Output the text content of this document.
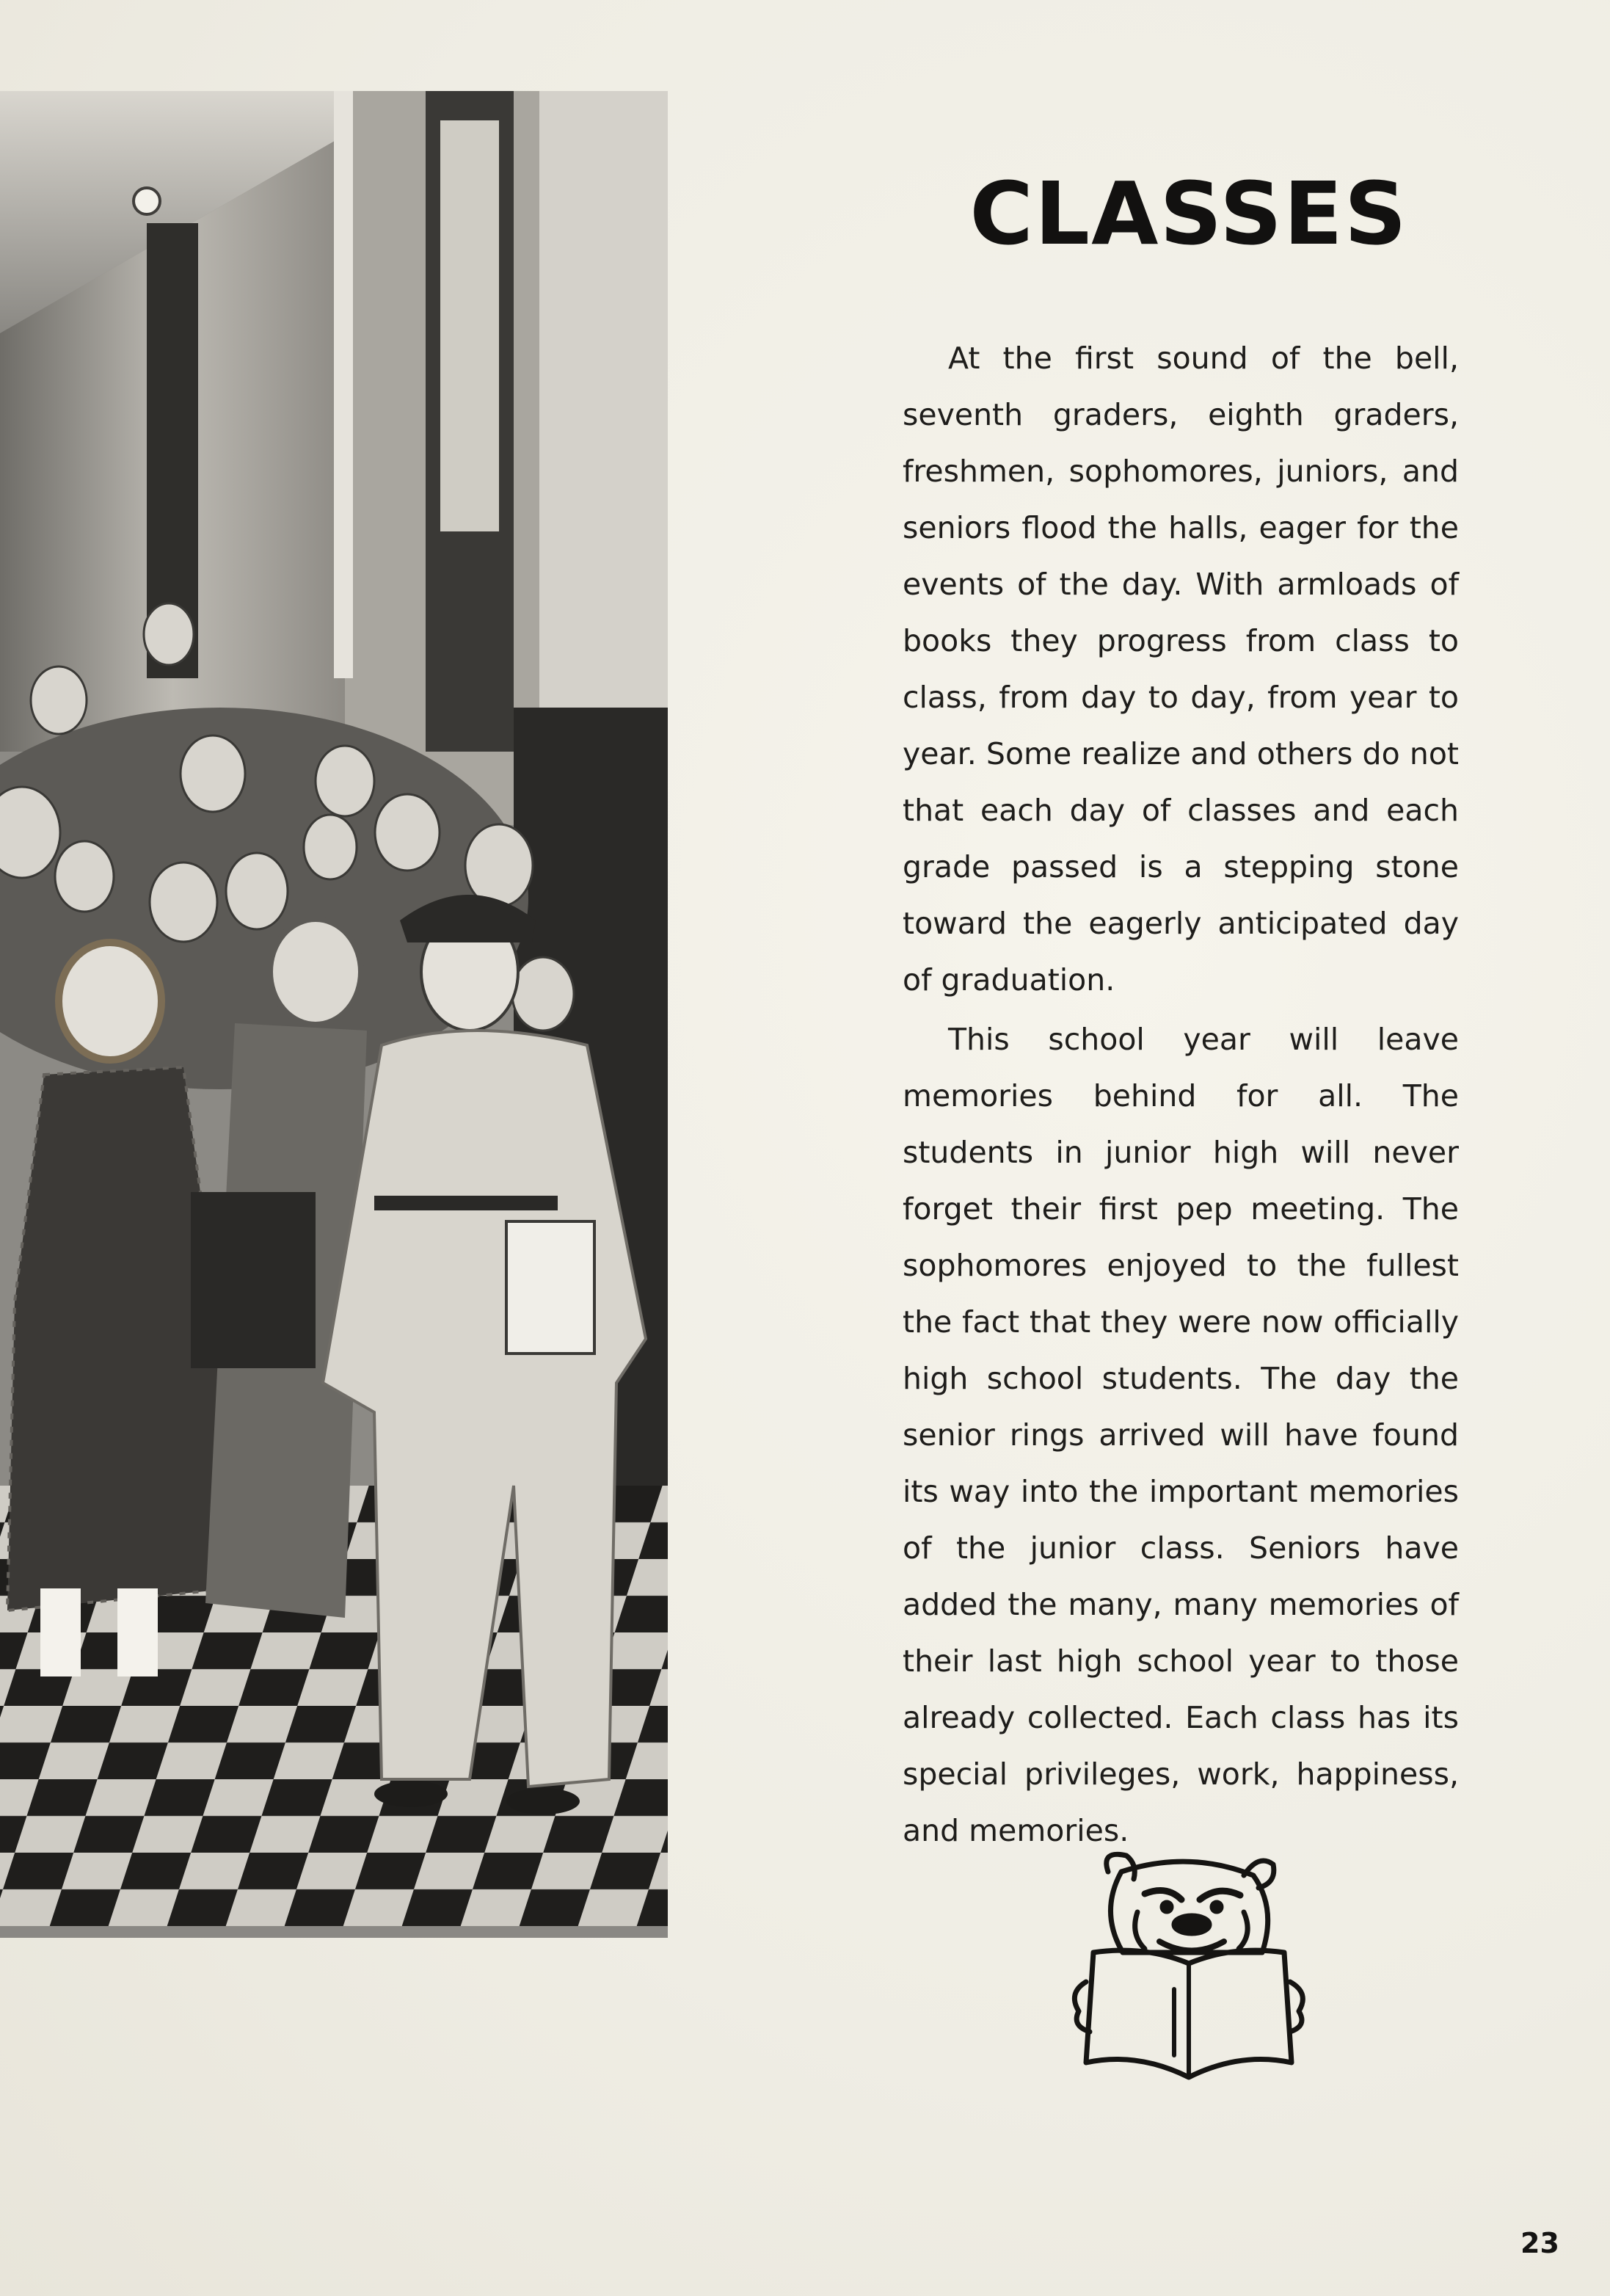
CLASSES

At the first sound of the bell, seventh graders, eighth graders, freshmen, sophomores, juniors, and seniors flood the halls, eager for the events of the day. With armloads of books they progress from class to class, from day to day, from year to year. Some realize and others do not that each day of classes and each grade passed is a stepping stone toward the eagerly anticipated day of graduation.

This school year will leave memories behind for all. The students in junior high will never forget their first pep meeting. The sophomores enjoyed to the fullest the fact that they were now officially high school students. The day the senior rings arrived will have found its way into the important memories of the junior class. Seniors have added the many, many memories of their last high school year to those already collected. Each class has its special privileges, work, happiness, and memories.

23
